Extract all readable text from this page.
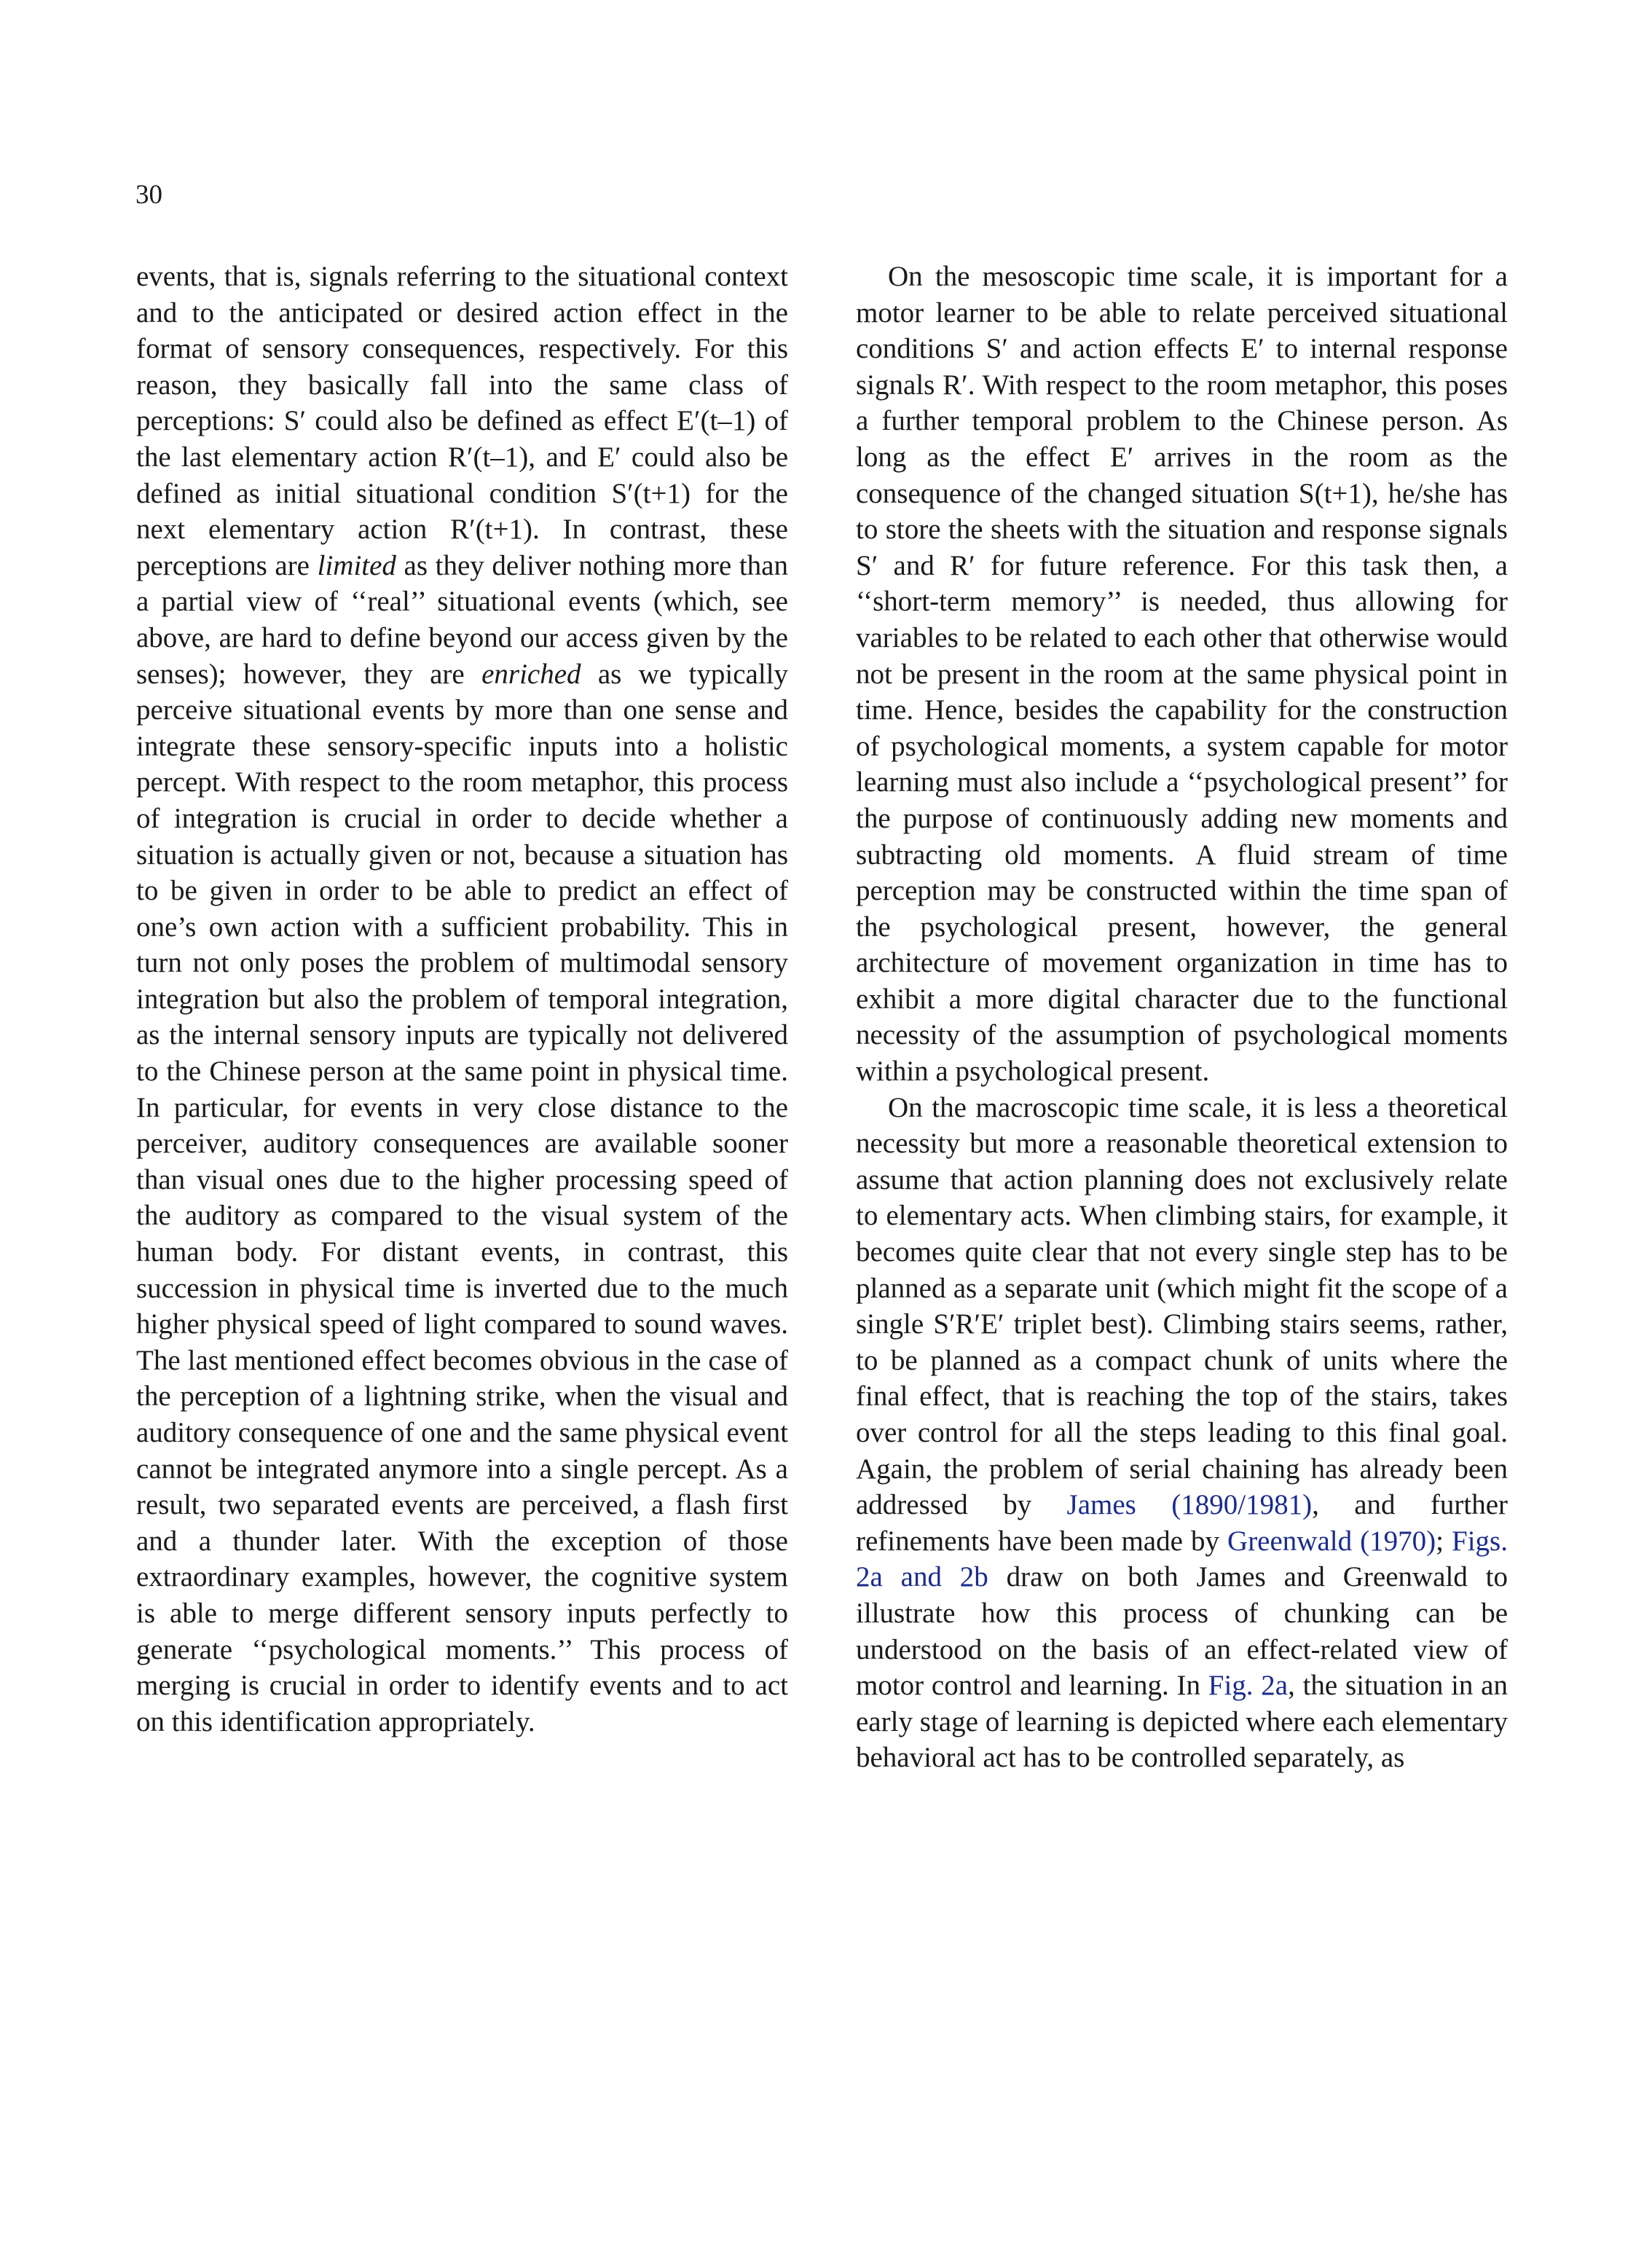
30

events, that is, signals referring to the situational context and to the anticipated or desired action effect in the format of sensory consequences, respectively. For this reason, they basically fall into the same class of perceptions: S′ could also be defined as effect E′(t–1) of the last elementary action R′(t–1), and E′ could also be defined as initial situational condition S′(t+1) for the next elementary action R′(t+1). In contrast, these perceptions are limited as they deliver nothing more than a partial view of ‘‘real’’ situational events (which, see above, are hard to define beyond our access given by the senses); however, they are enriched as we typically perceive situational events by more than one sense and integrate these sensory-specific inputs into a holistic percept. With respect to the room metaphor, this process of integration is crucial in order to decide whether a situation is actually given or not, because a situation has to be given in order to be able to predict an effect of one’s own action with a sufficient probability. This in turn not only poses the problem of multimodal sensory integration but also the problem of temporal integration, as the internal sensory inputs are typically not delivered to the Chinese person at the same point in physical time. In particular, for events in very close distance to the perceiver, auditory consequences are available sooner than visual ones due to the higher processing speed of the auditory as compared to the visual system of the human body. For distant events, in contrast, this succession in physical time is inverted due to the much higher physical speed of light compared to sound waves. The last mentioned effect becomes obvious in the case of the perception of a lightning strike, when the visual and auditory consequence of one and the same physical event cannot be integrated anymore into a single percept. As a result, two separated events are perceived, a flash first and a thunder later. With the exception of those extraordinary examples, however, the cognitive system is able to merge different sensory inputs perfectly to generate ‘‘psychological moments.’’ This process of merging is crucial in order to identify events and to act on this identification appropriately.

On the mesoscopic time scale, it is important for a motor learner to be able to relate perceived situational conditions S′ and action effects E′ to internal response signals R′. With respect to the room metaphor, this poses a further temporal problem to the Chinese person. As long as the effect E′ arrives in the room as the consequence of the changed situation S(t+1), he/she has to store the sheets with the situation and response signals S′ and R′ for future reference. For this task then, a ‘‘short-term memory’’ is needed, thus allowing for variables to be related to each other that otherwise would not be present in the room at the same physical point in time. Hence, besides the capability for the construction of psychological moments, a system capable for motor learning must also include a ‘‘psychological present’’ for the purpose of continuously adding new moments and subtracting old moments. A fluid stream of time perception may be constructed within the time span of the psychological present, however, the general architecture of movement organization in time has to exhibit a more digital character due to the functional necessity of the assumption of psychological moments within a psychological present.

On the macroscopic time scale, it is less a theoretical necessity but more a reasonable theoretical extension to assume that action planning does not exclusively relate to elementary acts. When climbing stairs, for example, it becomes quite clear that not every single step has to be planned as a separate unit (which might fit the scope of a single S′R′E′ triplet best). Climbing stairs seems, rather, to be planned as a compact chunk of units where the final effect, that is reaching the top of the stairs, takes over control for all the steps leading to this final goal. Again, the problem of serial chaining has already been addressed by James (1890/1981), and further refinements have been made by Greenwald (1970); Figs. 2a and 2b draw on both James and Greenwald to illustrate how this process of chunking can be understood on the basis of an effect-related view of motor control and learning. In Fig. 2a, the situation in an early stage of learning is depicted where each elementary behavioral act has to be controlled separately, as
